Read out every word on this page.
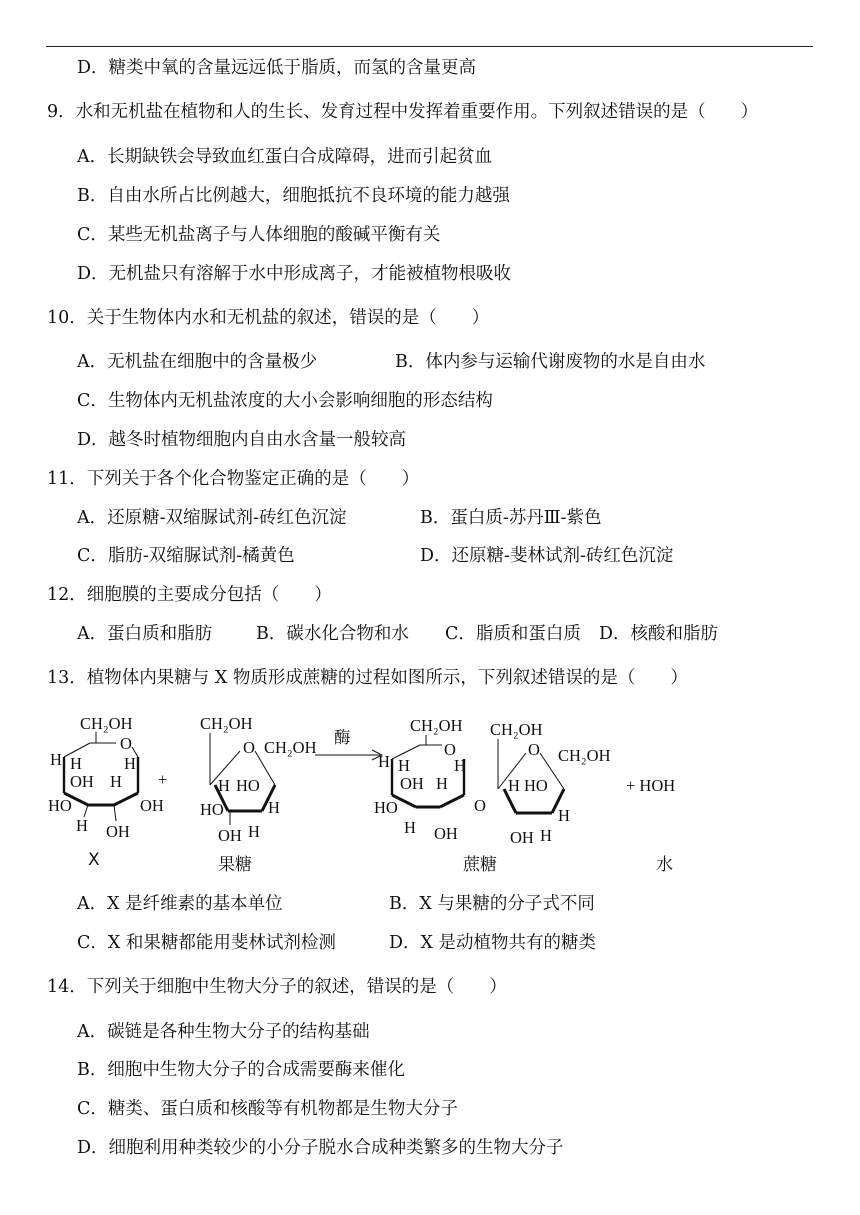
D．糖类中氧的含量远远低于脂质，而氢的含量更高
9．水和无机盐在植物和人的生长、发育过程中发挥着重要作用。下列叙述错误的是（　　）
A．长期缺铁会导致血红蛋白合成障碍，进而引起贫血
B．自由水所占比例越大，细胞抵抗不良环境的能力越强
C．某些无机盐离子与人体细胞的酸碱平衡有关
D．无机盐只有溶解于水中形成离子，才能被植物根吸收
10．关于生物体内水和无机盐的叙述，错误的是（　　）
A．无机盐在细胞中的含量极少	B．体内参与运输代谢废物的水是自由水
C．生物体内无机盐浓度的大小会影响细胞的形态结构
D．越冬时植物细胞内自由水含量一般较高
11．下列关于各个化合物鉴定正确的是（　　）
A．还原糖-双缩脲试剂-砖红色沉淀	B．蛋白质-苏丹Ⅲ-紫色
C．脂肪-双缩脲试剂-橘黄色	D．还原糖-斐林试剂-砖红色沉淀
12．细胞膜的主要成分包括（　　）
A．蛋白质和脂肪	B．碳水化合物和水 C．脂质和蛋白质 D．核酸和脂肪
13．植物体内果糖与 X 物质形成蔗糖的过程如图所示，下列叙述错误的是（　　）
CH₂OH
O
H H
OH H
H
HO	OH
H OH
+
CH₂OH
O CH₂OH
H HO
HO	H
OH H
酶
CH₂OH
O
H H
OH H
H
HO
H OH
O
CH₂OH
O CH₂OH
H HO
H
OH H
+ HOH
X	果糖	蔗糖	水
A．X 是纤维素的基本单位	B．X 与果糖的分子式不同
C．X 和果糖都能用斐林试剂检测	D．X 是动植物共有的糖类
14．下列关于细胞中生物大分子的叙述，错误的是（　　）
A．碳链是各种生物大分子的结构基础
B．细胞中生物大分子的合成需要酶来催化
C．糖类、蛋白质和核酸等有机物都是生物大分子
D．细胞利用种类较少的小分子脱水合成种类繁多的生物大分子
